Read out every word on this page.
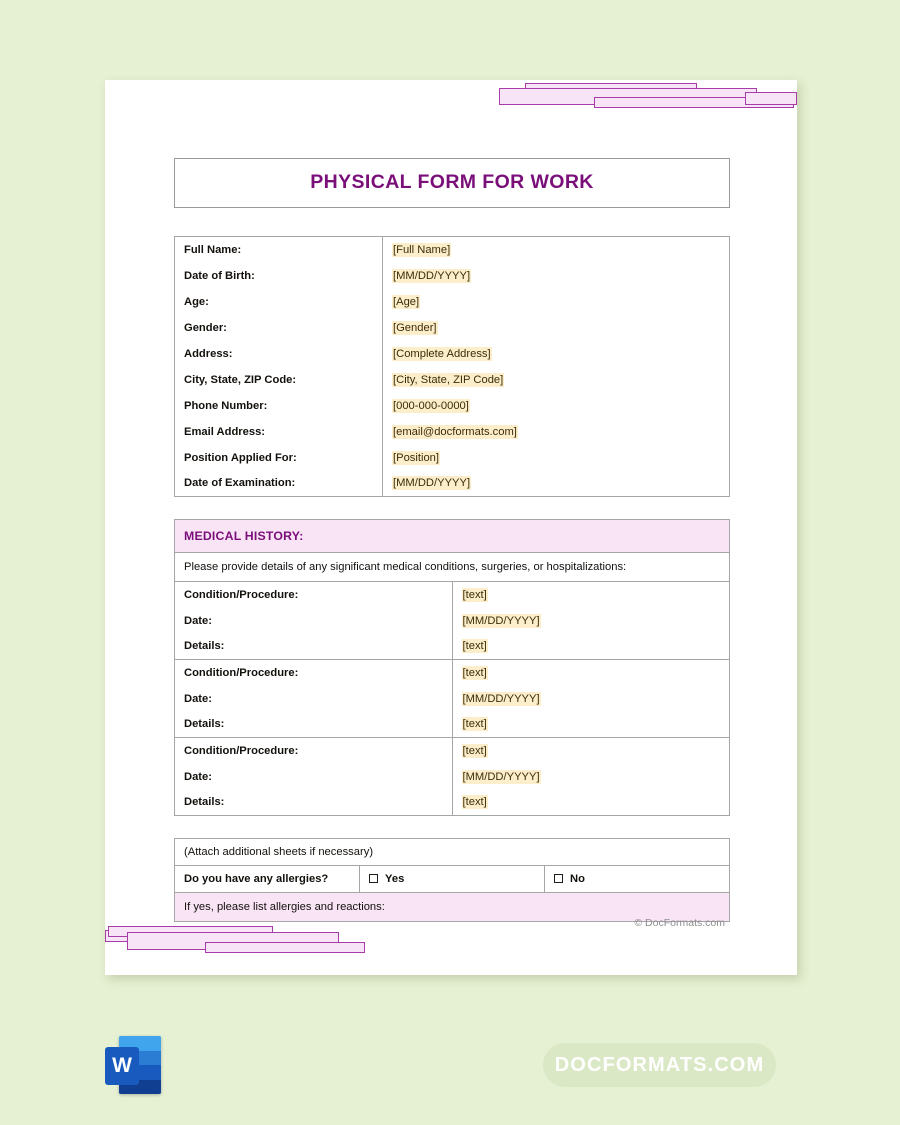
PHYSICAL FORM FOR WORK
Full Name:	[Full Name]
Date of Birth:	[MM/DD/YYYY]
Age:	[Age]
Gender:	[Gender]
Address:	[Complete Address]
City, State, ZIP Code:	[City, State, ZIP Code]
Phone Number:	[000-000-0000]
Email Address:	[email@docformats.com]
Position Applied For:	[Position]
Date of Examination:	[MM/DD/YYYY]
MEDICAL HISTORY:	
Please provide details of any significant medical conditions, surgeries, or hospitalizations:	
Condition/Procedure:	[text]
Date:	[MM/DD/YYYY]
Details:	[text]
Condition/Procedure:	[text]
Date:	[MM/DD/YYYY]
Details:	[text]
Condition/Procedure:	[text]
Date:	[MM/DD/YYYY]
Details:	[text]
(Attach additional sheets if necessary)
Do you have any allergies?	Yes	No
If yes, please list allergies and reactions:
© DocFormats.com
W	DOCFORMATS.COM
